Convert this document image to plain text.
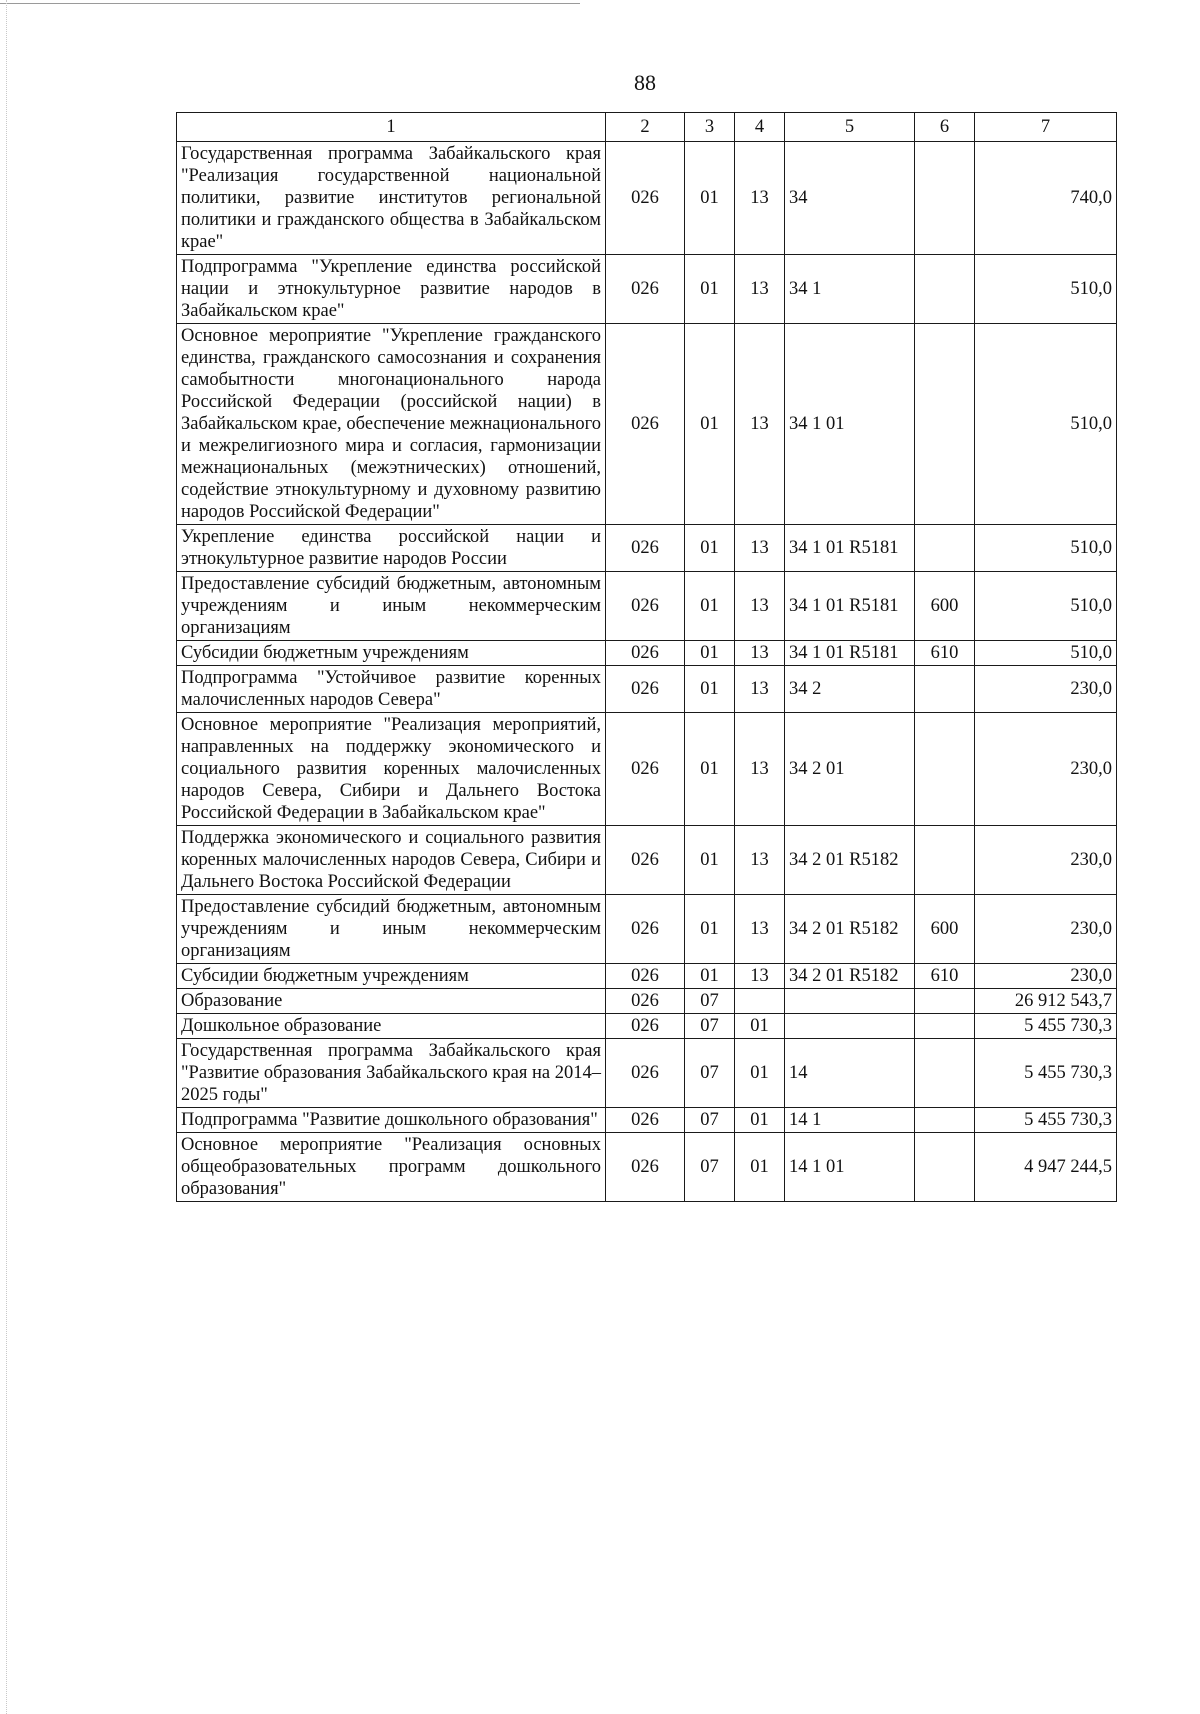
88
1	2	3	4	5	6	7
Государственная программа Забайкальского края "Реализация государственной национальной политики, развитие институтов региональной политики и гражданского общества в Забайкальском крае"	026	01	13	34		740,0
Подпрограмма "Укрепление единства российской нации и этнокультурное развитие народов в Забайкальском крае"	026	01	13	34 1		510,0
Основное мероприятие "Укрепление гражданского единства, гражданского самосознания и сохранения самобытности многонационального народа Российской Федерации (российской нации) в Забайкальском крае, обеспечение межнационального и межрелигиозного мира и согласия, гармонизации межнациональных (межэтнических) отношений, содействие этнокультурному и духовному развитию народов Российской Федерации"	026	01	13	34 1 01		510,0
Укрепление единства российской нации и этнокультурное развитие народов России	026	01	13	34 1 01 R5181		510,0
Предоставление субсидий бюджетным, автономным учреждениям и иным некоммерческим организациям	026	01	13	34 1 01 R5181	600	510,0
Субсидии бюджетным учреждениям	026	01	13	34 1 01 R5181	610	510,0
Подпрограмма "Устойчивое развитие коренных малочисленных народов Севера"	026	01	13	34 2		230,0
Основное мероприятие "Реализация мероприятий, направленных на поддержку экономического и социального развития коренных малочисленных народов Севера, Сибири и Дальнего Востока Российской Федерации в Забайкальском крае"	026	01	13	34 2 01		230,0
Поддержка экономического и социального развития коренных малочисленных народов Севера, Сибири и Дальнего Востока Российской Федерации	026	01	13	34 2 01 R5182		230,0
Предоставление субсидий бюджетным, автономным учреждениям и иным некоммерческим организациям	026	01	13	34 2 01 R5182	600	230,0
Субсидии бюджетным учреждениям	026	01	13	34 2 01 R5182	610	230,0
Образование	026	07				26 912 543,7
Дошкольное образование	026	07	01			5 455 730,3
Государственная программа Забайкальского края "Развитие образования Забайкальского края на 2014–2025 годы"	026	07	01	14		5 455 730,3
Подпрограмма "Развитие дошкольного образования"	026	07	01	14 1		5 455 730,3
Основное мероприятие "Реализация основных общеобразовательных программ дошкольного образования"	026	07	01	14 1 01		4 947 244,5
